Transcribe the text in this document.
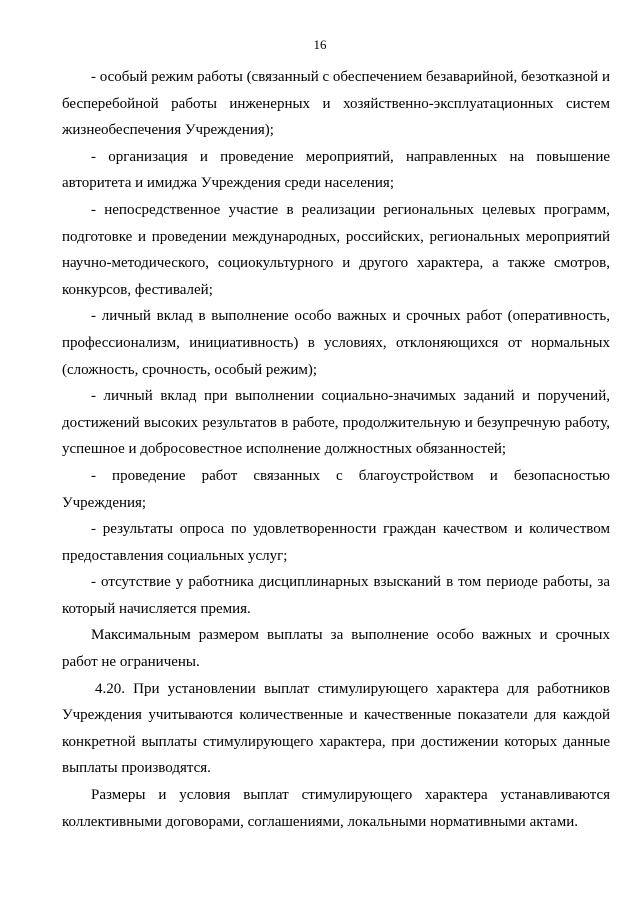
16

- особый режим работы (связанный с обеспечением безаварийной, безотказной и бесперебойной работы инженерных и хозяйственно-эксплуатационных систем жизнеобеспечения Учреждения);

- организация и проведение мероприятий, направленных на повышение авторитета и имиджа Учреждения среди населения;

- непосредственное участие в реализации региональных целевых программ, подготовке и проведении международных, российских, региональных мероприятий научно-методического, социокультурного и другого характера, а также смотров, конкурсов, фестивалей;

- личный вклад в выполнение особо важных и срочных работ (оперативность, профессионализм, инициативность) в условиях, отклоняющихся от нормальных (сложность, срочность, особый режим);

- личный вклад при выполнении социально-значимых заданий и поручений, достижений высоких результатов в работе, продолжительную и безупречную работу, успешное и добросовестное исполнение должностных обязанностей;

- проведение работ связанных с благоустройством и безопасностью Учреждения;

- результаты опроса по удовлетворенности граждан качеством и количеством предоставления социальных услуг;

- отсутствие у работника дисциплинарных взысканий в том периоде работы, за который начисляется премия.

Максимальным размером выплаты за выполнение особо важных и срочных работ не ограничены.

4.20. При установлении выплат стимулирующего характера для работников Учреждения учитываются количественные и качественные показатели для каждой конкретной выплаты стимулирующего характера, при достижении которых данные выплаты производятся.

Размеры и условия выплат стимулирующего характера устанавливаются коллективными договорами, соглашениями, локальными нормативными актами.
